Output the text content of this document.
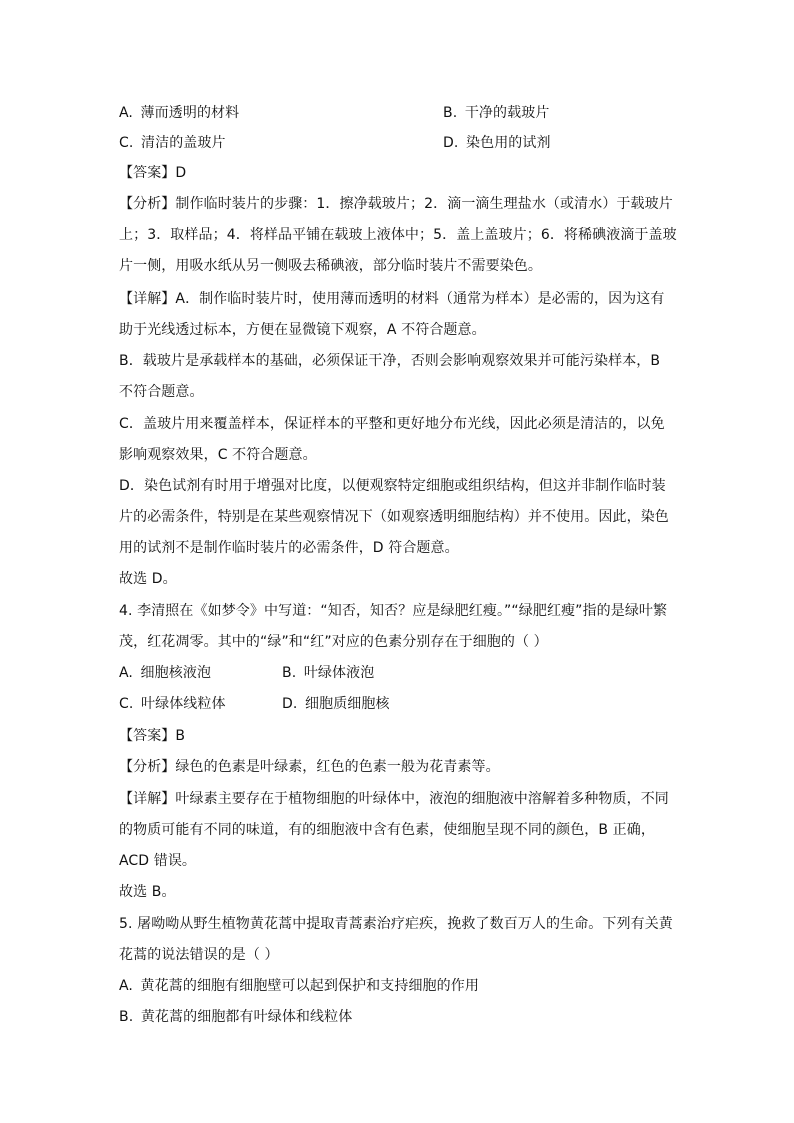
A. 薄而透明的材料	B. 干净的载玻片
C. 清洁的盖玻片	D. 染色用的试剂
【答案】D
【分析】制作临时装片的步骤：1．擦净载玻片；2．滴一滴生理盐水（或清水）于载玻片
上；3．取样品；4．将样品平铺在载玻上液体中；5．盖上盖玻片；6．将稀碘液滴于盖玻
片一侧，用吸水纸从另一侧吸去稀碘液，部分临时装片不需要染色。
【详解】A．制作临时装片时，使用薄而透明的材料（通常为样本）是必需的，因为这有
助于光线透过标本，方便在显微镜下观察，A 不符合题意。
B．载玻片是承载样本的基础，必须保证干净，否则会影响观察效果并可能污染样本，B
不符合题意。
C．盖玻片用来覆盖样本，保证样本的平整和更好地分布光线，因此必须是清洁的，以免
影响观察效果，C 不符合题意。
D．染色试剂有时用于增强对比度，以便观察特定细胞或组织结构，但这并非制作临时装
片的必需条件，特别是在某些观察情况下（如观察透明细胞结构）并不使用。因此，染色
用的试剂不是制作临时装片的必需条件，D 符合题意。
故选 D。
4. 李清照在《如梦令》中写道：“知否，知否？应是绿肥红瘦。”“绿肥红瘦”指的是绿叶繁
茂，红花凋零。其中的“绿”和“红”对应的色素分别存在于细胞的（ ）
A. 细胞核液泡	B. 叶绿体液泡
C. 叶绿体线粒体	D. 细胞质细胞核
【答案】B
【分析】绿色的色素是叶绿素，红色的色素一般为花青素等。
【详解】叶绿素主要存在于植物细胞的叶绿体中，液泡的细胞液中溶解着多种物质，不同
的物质可能有不同的味道，有的细胞液中含有色素，使细胞呈现不同的颜色，B 正确，
ACD 错误。
故选 B。
5. 屠呦呦从野生植物黄花蒿中提取青蒿素治疗疟疾，挽救了数百万人的生命。下列有关黄
花蒿的说法错误的是（ ）
A. 黄花蒿的细胞有细胞壁可以起到保护和支持细胞的作用
B. 黄花蒿的细胞都有叶绿体和线粒体
